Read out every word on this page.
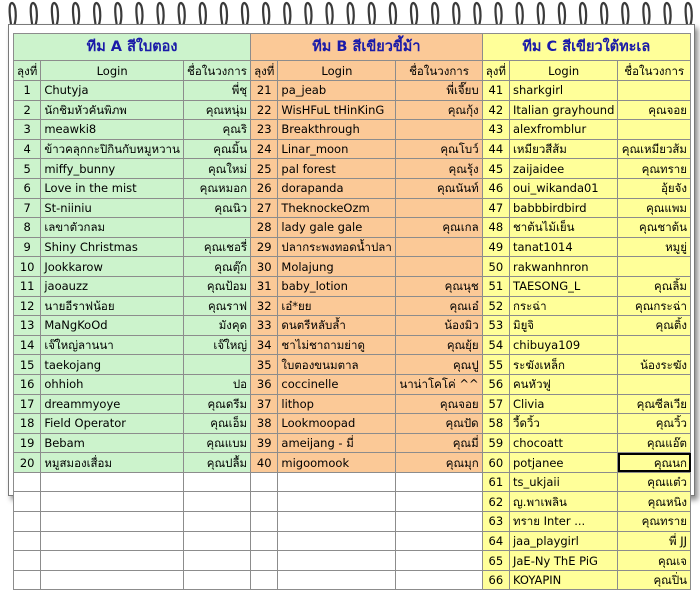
ทีม A สีใบตอง			ทีม B สีเขียวขี้ม้า			ทีม C สีเขียวใต้ทะเล		
ลุงที่	Login	ชื่อในวงการ	ลุงที่	Login	ชื่อในวงการ	ลุงที่	Login	ชื่อในวงการ
1	Chutyja	พี่ชุ	21	pa_jeab	พี่เจี๊ยบ	41	sharkgirl	
2	นักชิมหัวคันพิภพ	คุณหนุ่ม	22	WisHFuL tHinKinG	คุณกุ้ง	42	Italian grayhound	คุณจอย
3	meawki8	คุณริ	23	Breakthrough		43	alexfromblur	
4	ข้าวคลุกกะปิกินกับหมูหวาน	คุณมิ้น	24	Linar_moon	คุณโบว์	44	เหมียวสีส้ม	คุณเหมียวส้ม
5	miffy_bunny	คุณใหม่	25	pal forest	คุณรุ้ง	45	zaijaidee	คุณทราย
6	Love in the mist	คุณหมอก	26	dorapanda	คุณนันท์	46	oui_wikanda01	อุ้ยจัง
7	St-niiniu	คุณนิว	27	TheknockeOzm		47	babbbirdbird	คุณแพม
8	เลขาตัวกลม		28	lady gale gale	คุณเกล	48	ชาต้นไม้เย็น	คุณชาต้น
9	Shiny Christmas	คุณเชอรี่	29	ปลากระพงทอดน้ำปลา		49	tanat1014	หมูยู่
10	Jookkarow	คุณตุ๊ก	30	Molajung		50	rakwanhnron	
11	jaoauzz	คุณป้อม	31	baby_lotion	คุณนุช	51	TAESONG_L	คุณลิ้ม
12	นายอีราฟน้อย	คุณราฟ	32	เอ๋*ยย	คุณเอ๋	52	กระฉ่า	คุณกระฉ่า
13	MaNgKoOd	มังคุด	33	ดนตรีหลับล้ำ	น้องมิว	53	มิยูจิ	คุณติ้ง
14	เจ๊ใหญ่ลานนา	เจ๊ใหญ่	34	ชาไม่ชาถามย่าดู	คุณยุ้ย	54	chibuya109	
15	taekojang		35	ใบตองขนมตาล	คุณปู	55	ระฆังเหล็ก	น้องระฆัง
16	ohhioh	ปอ	36	coccinelle	นาน่าโคโค่ ^^	56	คนหัวฟู	
17	dreammyoye	คุณดรีม	37	lithop	คุณจอย	57	Clivia	คุณซีลเวีย
18	Field Operator	คุณเอ็ม	38	Lookmoopad	คุณปัด	58	วี้ดวิ้ว	คุณวิ้ว
19	Bebam	คุณแบม	39	ameijang - มี่	คุณมี่	59	chocoatt	คุณแอ๊ต
20	หมูสมองเสื่อม	คุณปลื้ม	40	migoomook	คุณมุก	60	potjanee	คุณนก
						61	ts_ukjaii	คุณแต๋ว
						62	ญ.พาเพลิน	คุณหนิง
						63	ทราย Inter ...	คุณทราย
						64	jaa_playgirl	พี่ JJ
						65	JaE-Ny ThE PiG	คุณเจ
						66	KOYAPIN	คุณปิ่น
